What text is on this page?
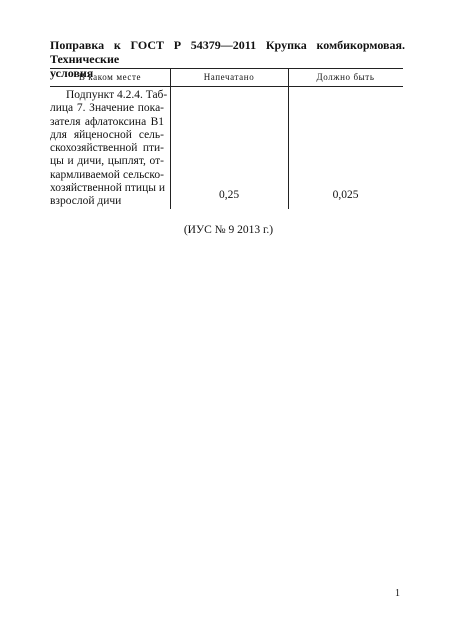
Поправка к ГОСТ Р 54379—2011 Крупка комбикормовая. Технические
условия
В каком месте	Напечатано	Должно быть
Подпункт 4.2.4. Таб-
лица 7. Значение пока-
зателя афлатоксина В1
для яйценосной сель-
скохозяйственной пти-
цы и дичи, цыплят, от-
кармливаемой сельско-
хозяйственной птицы и
взрослой дичи
0,25	0,025
(ИУС № 9 2013 г.)
1
